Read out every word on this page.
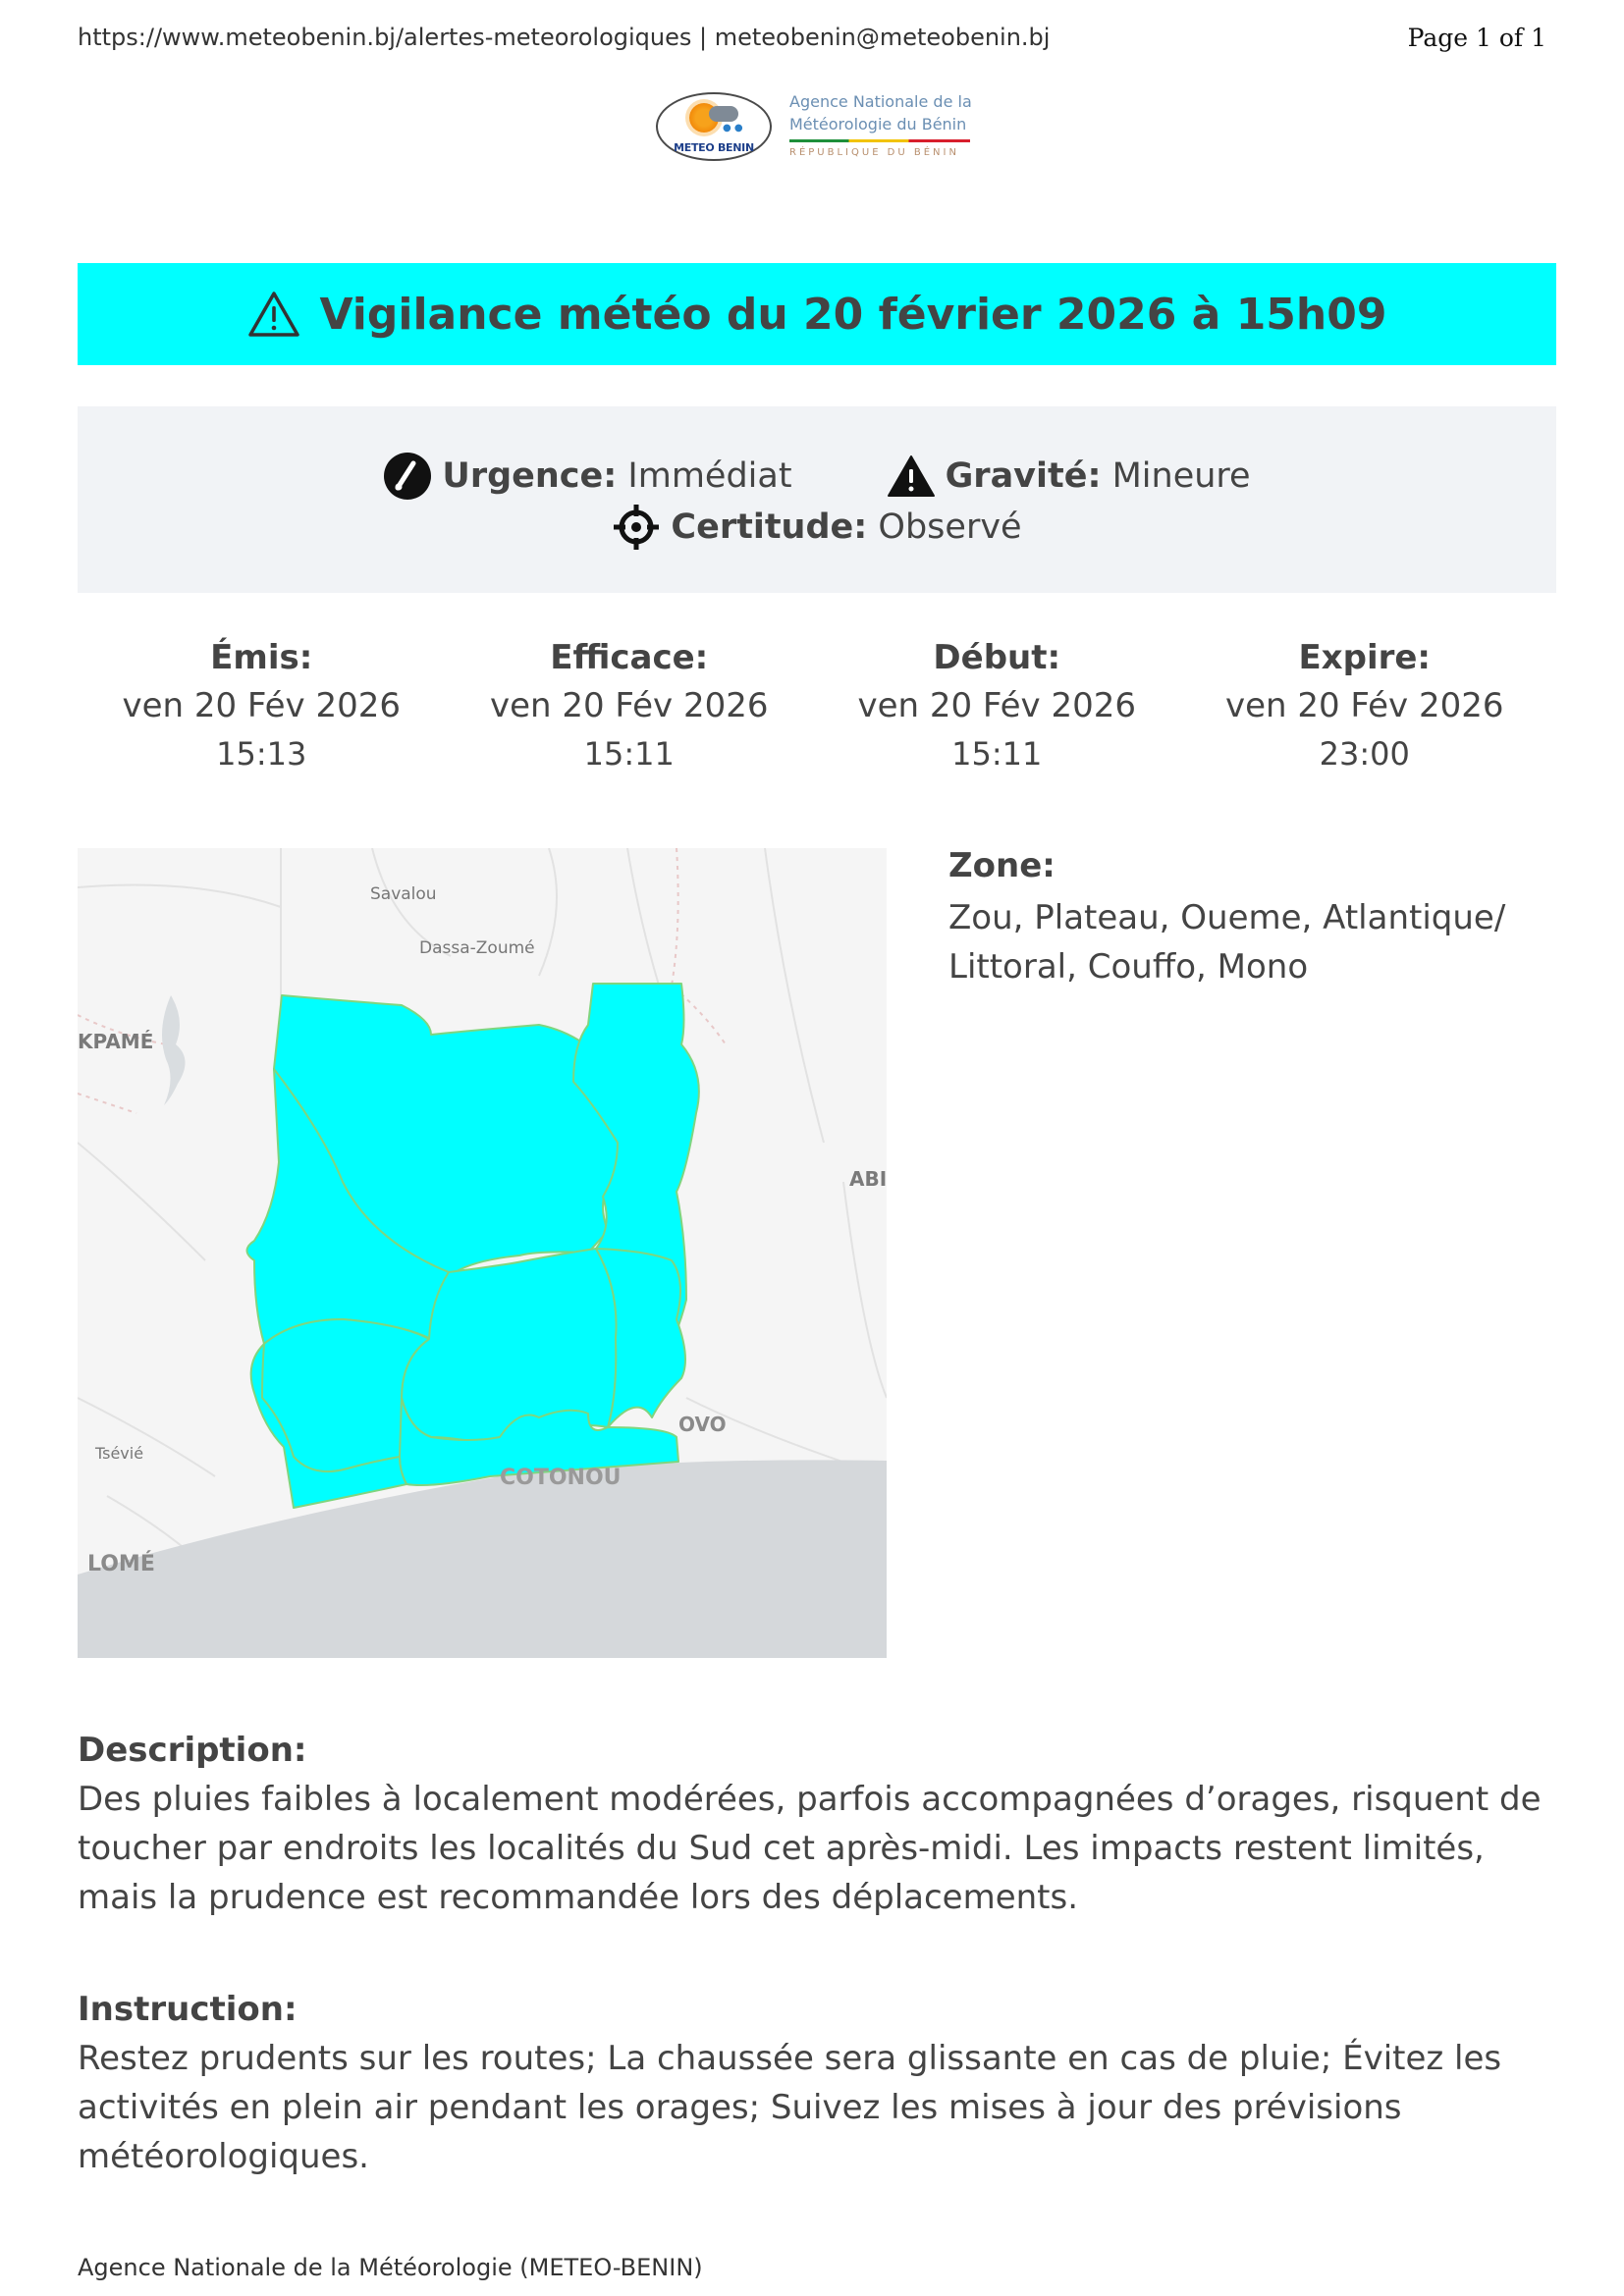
https://www.meteobenin.bj/alertes-meteorologiques | meteobenin@meteobenin.bj	Page 1 of 1
● ●
METEO BENIN
Agence Nationale de la
Météorologie du Bénin
RÉPUBLIQUE DU BÉNIN
Vigilance météo du 20 février 2026 à 15h09
Urgence: Immédiat	Gravité: Mineure
Certitude: Observé
Émis:
ven 20 Fév 2026
15:13
Efficace:
ven 20 Fév 2026
15:11
Début:
ven 20 Fév 2026
15:11
Expire:
ven 20 Fév 2026
23:00
Savalou
Dassa-Zoumé
KPAMÉ
ABI
Tsévié
LOMÉ
COTONOU
OVO
Zone:
Zou, Plateau, Oueme, Atlantique/ Littoral, Couffo, Mono
Description:
Des pluies faibles à localement modérées, parfois accompagnées d’orages, risquent de toucher par endroits les localités du Sud cet après-midi. Les impacts restent limités, mais la prudence est recommandée lors des déplacements.
Instruction:
Restez prudents sur les routes; La chaussée sera glissante en cas de pluie; Évitez les activités en plein air pendant les orages; Suivez les mises à jour des prévisions météorologiques.
Agence Nationale de la Météorologie (METEO-BENIN)
